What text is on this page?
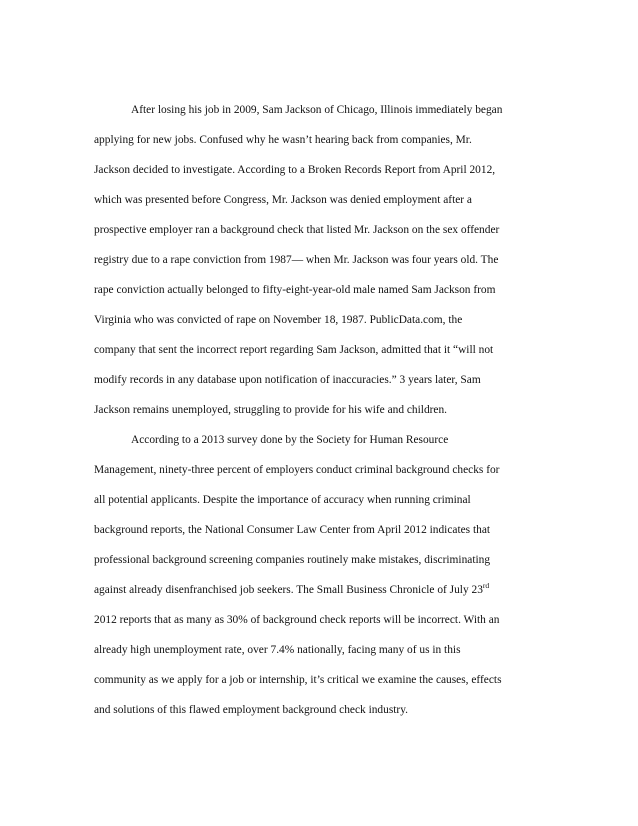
After losing his job in 2009, Sam Jackson of Chicago, Illinois immediately began
applying for new jobs. Confused why he wasn’t hearing back from companies, Mr.
Jackson decided to investigate. According to a Broken Records Report from April 2012,
which was presented before Congress, Mr. Jackson was denied employment after a
prospective employer ran a background check that listed Mr. Jackson on the sex offender
registry due to a rape conviction from 1987— when Mr. Jackson was four years old. The
rape conviction actually belonged to fifty-eight-year-old male named Sam Jackson from
Virginia who was convicted of rape on November 18, 1987. PublicData.com, the
company that sent the incorrect report regarding Sam Jackson, admitted that it “will not
modify records in any database upon notification of inaccuracies.” 3 years later, Sam
Jackson remains unemployed, struggling to provide for his wife and children.
According to a 2013 survey done by the Society for Human Resource
Management, ninety-three percent of employers conduct criminal background checks for
all potential applicants. Despite the importance of accuracy when running criminal
background reports, the National Consumer Law Center from April 2012 indicates that
professional background screening companies routinely make mistakes, discriminating
against already disenfranchised job seekers. The Small Business Chronicle of July 23rd
2012 reports that as many as 30% of background check reports will be incorrect. With an
already high unemployment rate, over 7.4% nationally, facing many of us in this
community as we apply for a job or internship, it’s critical we examine the causes, effects
and solutions of this flawed employment background check industry.
